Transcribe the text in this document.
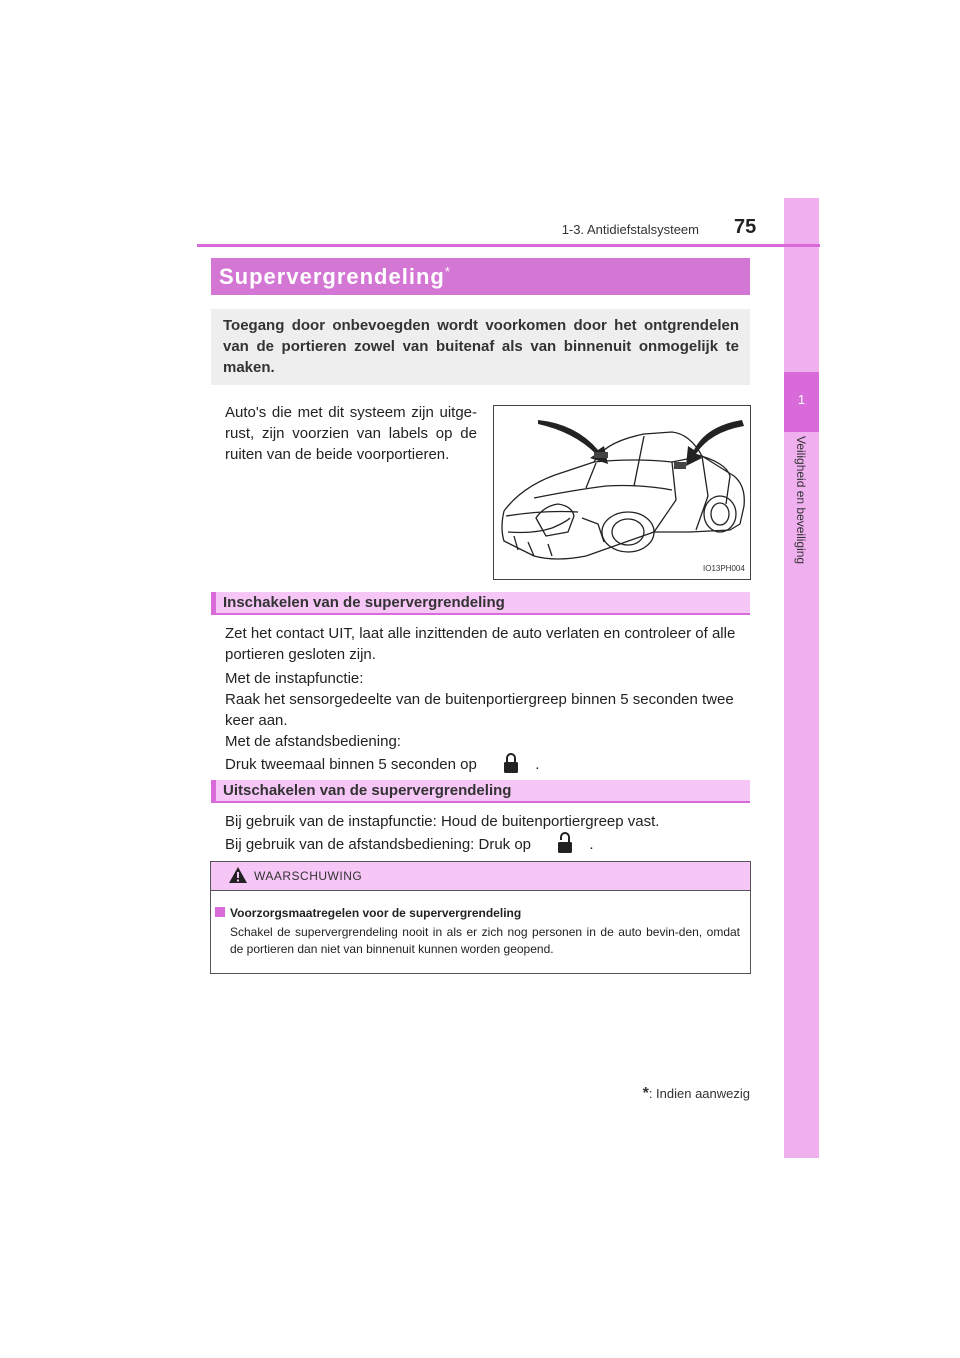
1
Veiligheid en beveiliging
1-3. Antidiefstalsysteem 75
Supervergrendeling*
Toegang door onbevoegden wordt voorkomen door het ontgrendelen van de portieren zowel van buitenaf als van binnenuit onmogelijk te maken.
Auto's die met dit systeem zijn uitge-rust, zijn voorzien van labels op de ruiten van de beide voorportieren.
IO13PH004
Inschakelen van de supervergrendeling
Zet het contact UIT, laat alle inzittenden de auto verlaten en controleer of alle portieren gesloten zijn.
Met de instapfunctie:
Raak het sensorgedeelte van de buitenportiergreep binnen 5 seconden twee keer aan.
Met de afstandsbediening:
Druk tweemaal binnen 5 seconden op	.
Uitschakelen van de supervergrendeling
Bij gebruik van de instapfunctie: Houd de buitenportiergreep vast.
Bij gebruik van de afstandsbediening: Druk op	.
WAARSCHUWING
Voorzorgsmaatregelen voor de supervergrendeling
Schakel de supervergrendeling nooit in als er zich nog personen in de auto bevin-den, omdat de portieren dan niet van binnenuit kunnen worden geopend.
*: Indien aanwezig
